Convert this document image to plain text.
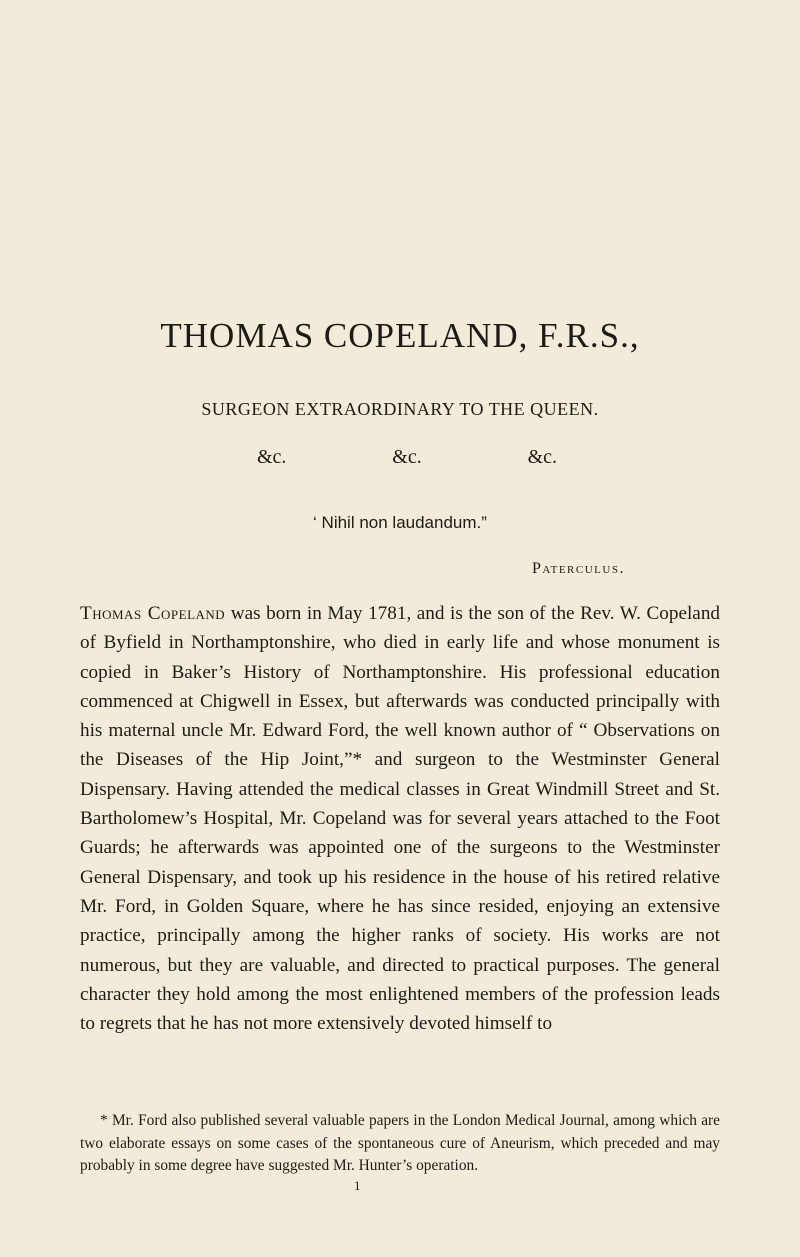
THOMAS COPELAND, F.R.S.,
SURGEON EXTRAORDINARY TO THE QUEEN.
&c.	&c.	&c.
‘ Nihil non laudandum.”
Paterculus.
Thomas Copeland was born in May 1781, and is the son of the Rev. W. Copeland of Byfield in Northamptonshire, who died in early life and whose monument is copied in Baker’s History of Northamptonshire. His professional education commenced at Chigwell in Essex, but afterwards was conducted principally with his maternal uncle Mr. Edward Ford, the well known author of “ Observations on the Diseases of the Hip Joint,”* and surgeon to the Westminster General Dispensary. Having attended the medical classes in Great Windmill Street and St. Bartholomew’s Hospital, Mr. Copeland was for several years attached to the Foot Guards; he afterwards was appointed one of the surgeons to the Westminster General Dispensary, and took up his residence in the house of his retired relative Mr. Ford, in Golden Square, where he has since resided, enjoying an extensive practice, principally among the higher ranks of society. His works are not numerous, but they are valuable, and directed to practical purposes. The general character they hold among the most enlightened members of the profession leads to regrets that he has not more extensively devoted himself to
* Mr. Ford also published several valuable papers in the London Medical Journal, among which are two elaborate essays on some cases of the spontaneous cure of Aneurism, which preceded and may probably in some degree have suggested Mr. Hunter’s operation.
1
